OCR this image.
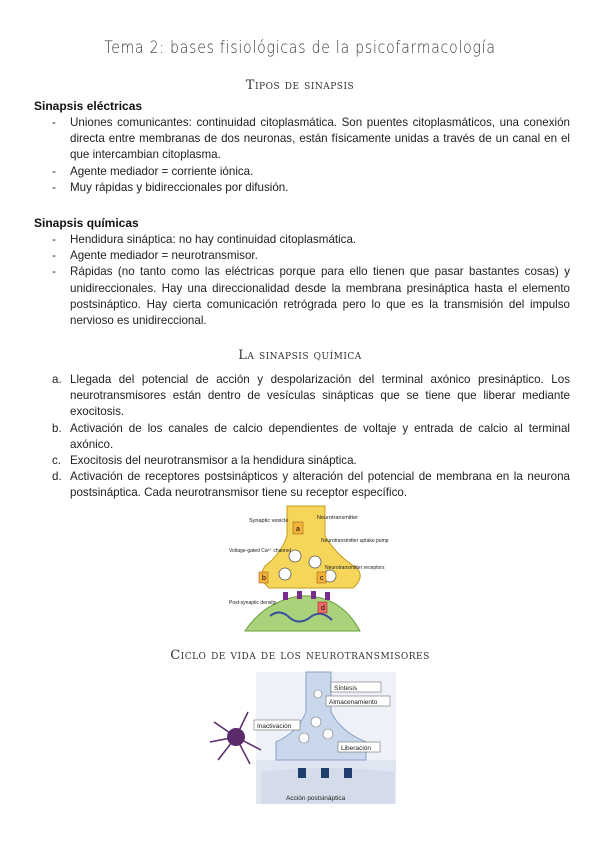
Tema 2: bases fisiológicas de la psicofarmacología
Tipos de sinapsis
Sinapsis eléctricas
-	Uniones comunicantes: continuidad citoplasmática. Son puentes citoplasmáticos, una conexión directa entre membranas de dos neuronas, están físicamente unidas a través de un canal en el que intercambian citoplasma.
-	Agente mediador = corriente iónica.
-	Muy rápidas y bidireccionales por difusión.
Sinapsis químicas
-	Hendidura sináptica: no hay continuidad citoplasmática.
-	Agente mediador = neurotransmisor.
-	Rápidas (no tanto como las eléctricas porque para ello tienen que pasar bastantes cosas) y unidireccionales. Hay una direccionalidad desde la membrana presináptica hasta el elemento postsináptico. Hay cierta comunicación retrógrada pero lo que es la transmisión del impulso nervioso es unidireccional.
La sinapsis química
a. Llegada del potencial de acción y despolarización del terminal axónico presináptico. Los neurotransmisores están dentro de vesículas sinápticas que se tiene que liberar mediante exocitosis.
b. Activación de los canales de calcio dependientes de voltaje y entrada de calcio al terminal axónico.
c. Exocitosis del neurotransmisor a la hendidura sináptica.
d. Activación de receptores postsinápticos y alteración del potencial de membrana en la neurona postsináptica. Cada neurotransmisor tiene su receptor específico.
a
b	c
d
Synaptic vesicle	Neurotransmitter
Neurotransmitter uptake pump
Voltage-gated Ca²⁺ channel
Neurotransmitter receptors
Post-synaptic density
Ciclo de vida de los neurotransmisores
Síntesis
Almacenamiento
Inactivación
Liberación
Acción postsináptica
